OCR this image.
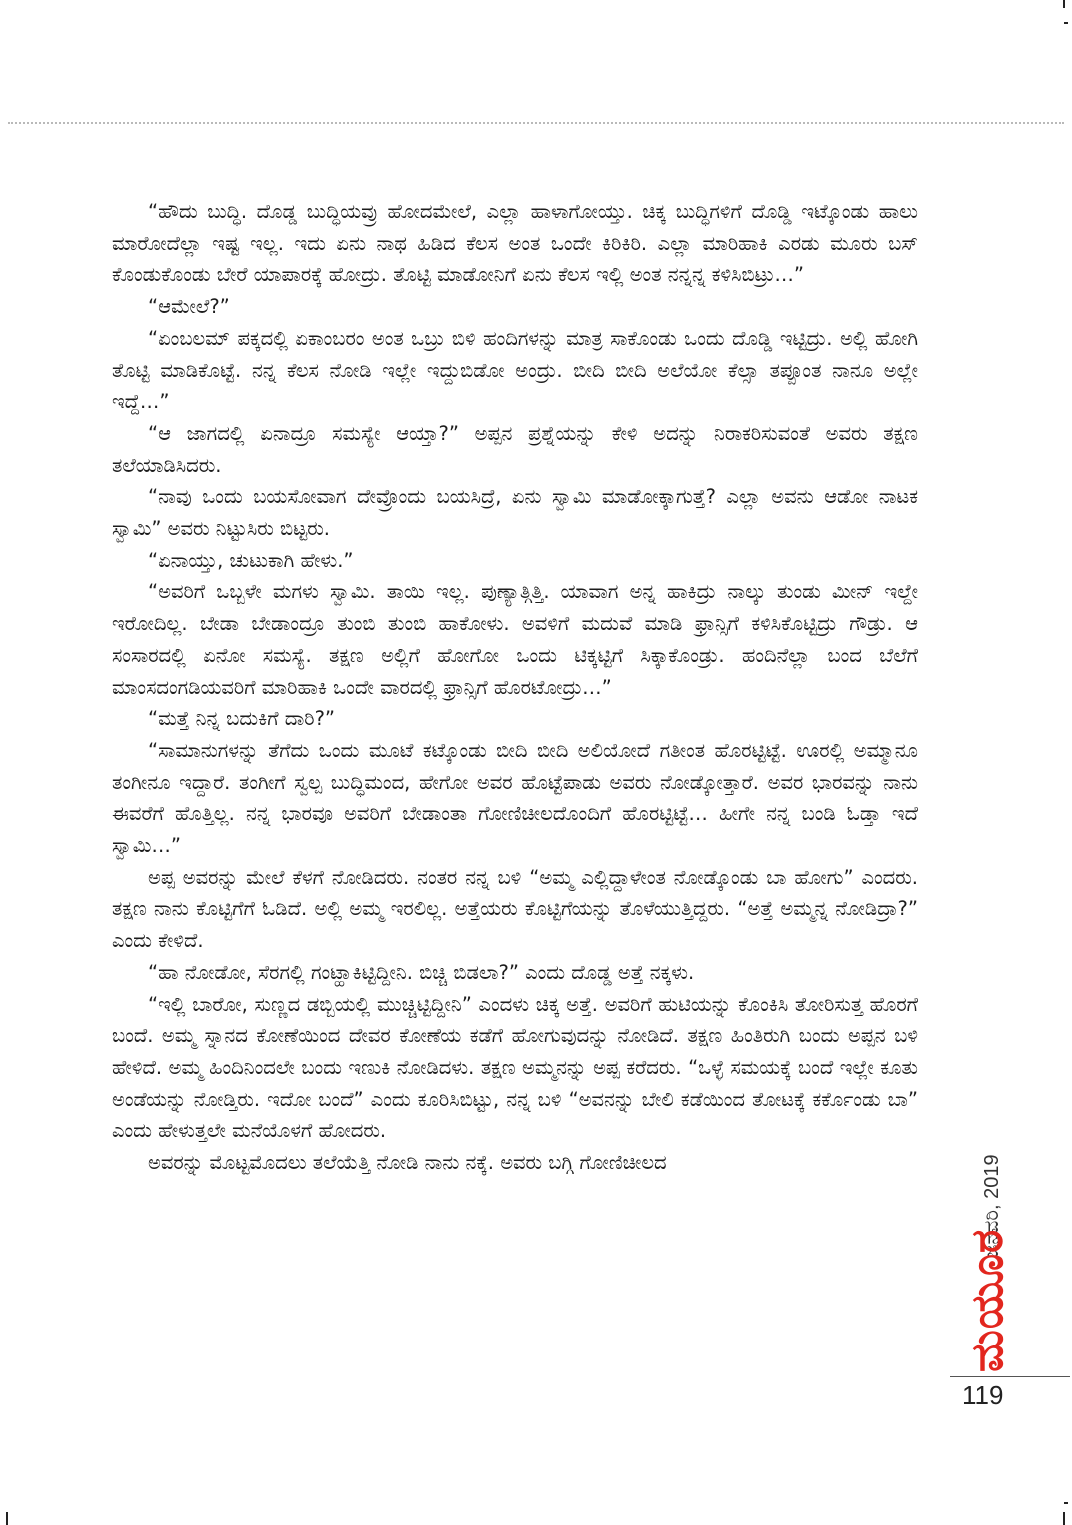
“ಹೌದು ಬುದ್ಧಿ. ದೊಡ್ಡ ಬುದ್ಧಿಯವ್ರು ಹೋದಮೇಲೆ, ಎಲ್ಲಾ ಹಾಳಾಗೋಯ್ತು. ಚಿಕ್ಕ ಬುದ್ಧಿಗಳಿಗೆ ದೊಡ್ಡಿ ಇಟ್ಕೊಂಡು ಹಾಲು ಮಾರೋದೆಲ್ಲಾ ಇಷ್ಟ ಇಲ್ಲ. ಇದು ಏನು ನಾಥ ಹಿಡಿದ ಕೆಲಸ ಅಂತ ಒಂದೇ ಕಿರಿಕಿರಿ. ಎಲ್ಲಾ ಮಾರಿಹಾಕಿ ಎರಡು ಮೂರು ಬಸ್ ಕೊಂಡುಕೊಂಡು ಬೇರೆ ಯಾಪಾರಕ್ಕೆ ಹೋದ್ರು. ತೊಟ್ಟಿ ಮಾಡೋನಿಗೆ ಏನು ಕೆಲಸ ಇಲ್ಲಿ ಅಂತ ನನ್ನನ್ನ ಕಳಿಸಿಬಿಟ್ರು…”

“ಆಮೇಲೆ?”

“ಏಂಬಲಮ್ ಪಕ್ಕದಲ್ಲಿ ಏಕಾಂಬರಂ ಅಂತ ಒಬ್ರು ಬಿಳಿ ಹಂದಿಗಳನ್ನು ಮಾತ್ರ ಸಾಕೊಂಡು ಒಂದು ದೊಡ್ಡಿ ಇಟ್ಟಿದ್ರು. ಅಲ್ಲಿ ಹೋಗಿ ತೊಟ್ಟಿ ಮಾಡಿಕೊಟ್ಟೆ. ನನ್ನ ಕೆಲಸ ನೋಡಿ ಇಲ್ಲೇ ಇದ್ದುಬಿಡೋ ಅಂದ್ರು. ಬೀದಿ ಬೀದಿ ಅಲೆಯೋ ಕೆಲ್ಸಾ ತಪ್ಪೂಂತ ನಾನೂ ಅಲ್ಲೇ ಇದ್ದೆ…”

“ಆ ಜಾಗದಲ್ಲಿ ಏನಾದ್ರೂ ಸಮಸ್ಯೇ ಆಯ್ತಾ?” ಅಪ್ಪನ ಪ್ರಶ್ನೆಯನ್ನು ಕೇಳಿ ಅದನ್ನು ನಿರಾಕರಿಸುವಂತೆ ಅವರು ತಕ್ಷಣ ತಲೆಯಾಡಿಸಿದರು.

“ನಾವು ಒಂದು ಬಯಸೋವಾಗ ದೇವ್ರೊಂದು ಬಯಸಿದ್ರೆ, ಏನು ಸ್ವಾಮಿ ಮಾಡೋಕ್ಕಾಗುತ್ತೆ? ಎಲ್ಲಾ ಅವನು ಆಡೋ ನಾಟಕ ಸ್ವಾಮಿ” ಅವರು ನಿಟ್ಟುಸಿರು ಬಿಟ್ಟರು.

“ಏನಾಯ್ತು, ಚುಟುಕಾಗಿ ಹೇಳು.”

“ಅವರಿಗೆ ಒಬ್ಬಳೇ ಮಗಳು ಸ್ವಾಮಿ. ತಾಯಿ ಇಲ್ಲ. ಪುಣ್ಯಾತ್ಗಿತ್ತಿ. ಯಾವಾಗ ಅನ್ನ ಹಾಕಿದ್ರು ನಾಲ್ಕು ತುಂಡು ಮೀನ್ ಇಲ್ದೇ ಇರೋದಿಲ್ಲ. ಬೇಡಾ ಬೇಡಾಂದ್ರೂ ತುಂಬಿ ತುಂಬಿ ಹಾಕೋಳು. ಅವಳಿಗೆ ಮದುವೆ ಮಾಡಿ ಫ್ರಾನ್ಸಿಗೆ ಕಳಿಸಿಕೊಟ್ಟಿದ್ರು ಗೌಡ್ರು. ಆ ಸಂಸಾರದಲ್ಲಿ ಏನೋ ಸಮಸ್ಯೆ. ತಕ್ಷಣ ಅಲ್ಲಿಗೆ ಹೋಗೋ ಒಂದು ಟಿಕ್ಕಟ್ಟಿಗೆ ಸಿಕ್ಕಾಕೊಂಡ್ರು. ಹಂದಿನೆಲ್ಲಾ ಬಂದ ಬೆಲೆಗೆ ಮಾಂಸದಂಗಡಿಯವರಿಗೆ ಮಾರಿಹಾಕಿ ಒಂದೇ ವಾರದಲ್ಲಿ ಫ್ರಾನ್ಸಿಗೆ ಹೊರಟೋದ್ರು…”

“ಮತ್ತೆ ನಿನ್ನ ಬದುಕಿಗೆ ದಾರಿ?”

“ಸಾಮಾನುಗಳನ್ನು ತೆಗೆದು ಒಂದು ಮೂಟೆ ಕಟ್ಕೊಂಡು ಬೀದಿ ಬೀದಿ ಅಲಿಯೋದೆ ಗತೀಂತ ಹೊರಟ್ಟಿಟ್ಟೆ. ಊರಲ್ಲಿ ಅಮ್ಮಾನೂ ತಂಗೀನೂ ಇದ್ದಾರೆ. ತಂಗೀಗೆ ಸ್ವಲ್ಪ ಬುದ್ಧಿಮಂದ, ಹೇಗೋ ಅವರ ಹೊಟ್ಟೆಪಾಡು ಅವರು ನೋಡ್ಕೋತ್ತಾರೆ. ಅವರ ಭಾರವನ್ನು ನಾನು ಈವರೆಗೆ ಹೊತ್ತಿಲ್ಲ. ನನ್ನ ಭಾರವೂ ಅವರಿಗೆ ಬೇಡಾಂತಾ ಗೋಣಿಚೀಲದೊಂದಿಗೆ ಹೊರಟ್ಟಿಟ್ಟೆ… ಹೀಗೇ ನನ್ನ ಬಂಡಿ ಓಡ್ತಾ ಇದೆ ಸ್ವಾಮಿ…”

ಅಪ್ಪ ಅವರನ್ನು ಮೇಲೆ ಕೆಳಗೆ ನೋಡಿದರು. ನಂತರ ನನ್ನ ಬಳಿ “ಅಮ್ಮ ಎಲ್ಲಿದ್ದಾಳೇಂತ ನೋಡ್ಕೊಂಡು ಬಾ ಹೋಗು” ಎಂದರು. ತಕ್ಷಣ ನಾನು ಕೊಟ್ಟಿಗೆಗೆ ಓಡಿದೆ. ಅಲ್ಲಿ ಅಮ್ಮ ಇರಲಿಲ್ಲ. ಅತ್ತೆಯರು ಕೊಟ್ಟಿಗೆಯನ್ನು ತೊಳೆಯುತ್ತಿದ್ದರು. “ಅತ್ತೆ ಅಮ್ಮನ್ನ ನೋಡಿದ್ರಾ?” ಎಂದು ಕೇಳಿದೆ.

“ಹಾ ನೋಡೋ, ಸೆರಗಲ್ಲಿ ಗಂಟ್ಹಾಕಿಟ್ಟಿದ್ದೀನಿ. ಬಿಚ್ಚಿ ಬಿಡಲಾ?” ಎಂದು ದೊಡ್ಡ ಅತ್ತೆ ನಕ್ಕಳು.

“ಇಲ್ಲಿ ಬಾರೋ, ಸುಣ್ಣದ ಡಬ್ಬಿಯಲ್ಲಿ ಮುಚ್ಚಿಟ್ಟಿದ್ದೀನಿ” ಎಂದಳು ಚಿಕ್ಕ ಅತ್ತೆ. ಅವರಿಗೆ ಹುಟಿಯನ್ನು ಕೊಂಕಿಸಿ ತೋರಿಸುತ್ತ ಹೊರಗೆ ಬಂದೆ. ಅಮ್ಮ ಸ್ನಾನದ ಕೋಣೆಯಿಂದ ದೇವರ ಕೋಣೆಯ ಕಡೆಗೆ ಹೋಗುವುದನ್ನು ನೋಡಿದೆ. ತಕ್ಷಣ ಹಿಂತಿರುಗಿ ಬಂದು ಅಪ್ಪನ ಬಳಿ ಹೇಳಿದೆ. ಅಮ್ಮ ಹಿಂದಿನಿಂದಲೇ ಬಂದು ಇಣುಕಿ ನೋಡಿದಳು. ತಕ್ಷಣ ಅಮ್ಮನನ್ನು ಅಪ್ಪ ಕರೆದರು. “ಒಳ್ಳೆ ಸಮಯಕ್ಕೆ ಬಂದೆ ಇಲ್ಲೇ ಕೂತು ಅಂಡೆಯನ್ನು ನೋಡ್ತಿರು. ಇದೋ ಬಂದೆ” ಎಂದು ಕೂರಿಸಿಬಿಟ್ಟು, ನನ್ನ ಬಳಿ “ಅವನನ್ನು ಬೇಲಿ ಕಡೆಯಿಂದ ತೋಟಕ್ಕೆ ಕರ್ಕೊಂಡು ಬಾ” ಎಂದು ಹೇಳುತ್ತಲೇ ಮನೆಯೊಳಗೆ ಹೋದರು.

ಅವರನ್ನು ಮೊಟ್ಟಮೊದಲು ತಲೆಯೆತ್ತಿ ನೋಡಿ ನಾನು ನಕ್ಕೆ. ಅವರು ಬಗ್ಗಿ ಗೋಣಿಚೀಲದ	ಜನವರಿ, 2019
ಮಯೂರ
119
